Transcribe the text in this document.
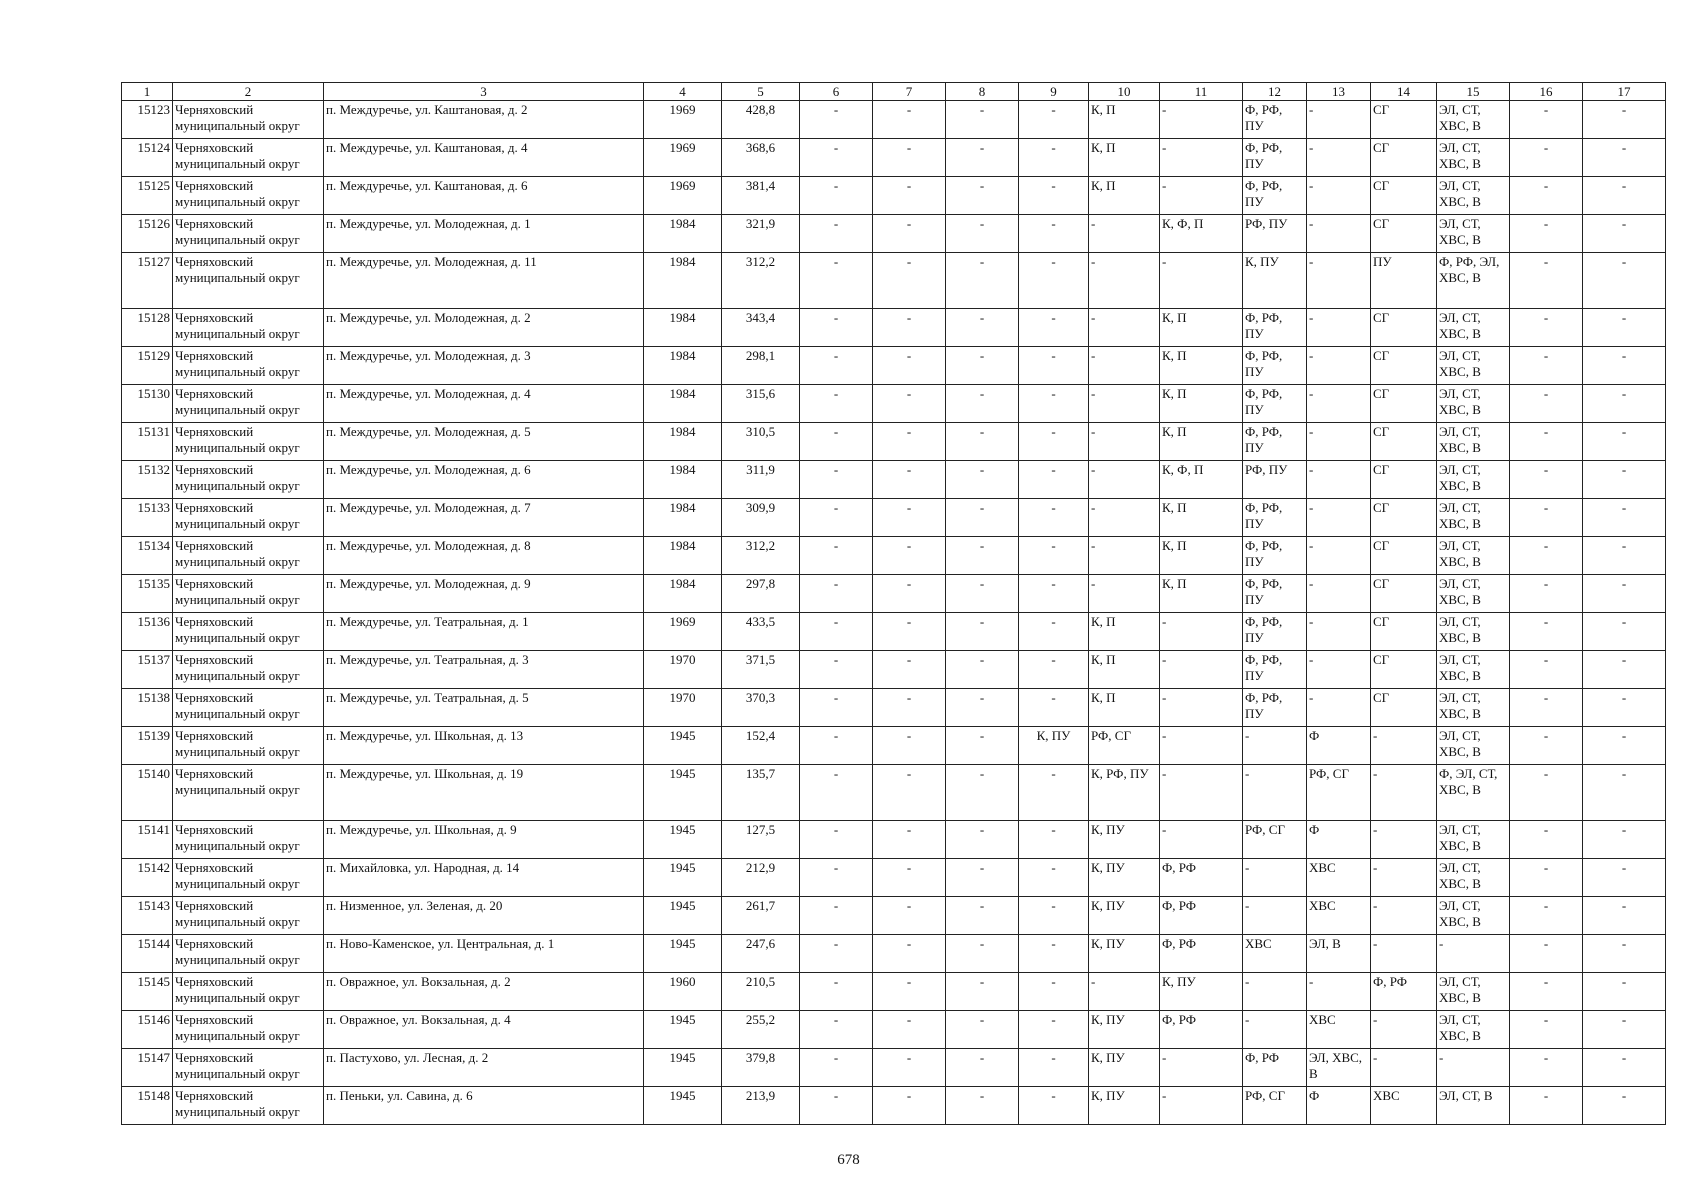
1	2	3	4	5	6	7	8	9	10	11	12	13	14	15	16	17
15123	Черняховский муниципальный округ	п. Междуречье, ул. Каштановая, д. 2	1969	428,8	-	-	-	-	К, П	-	Ф, РФ, ПУ	-	СГ	ЭЛ, СТ, ХВС, В	-	-
15124	Черняховский муниципальный округ	п. Междуречье, ул. Каштановая, д. 4	1969	368,6	-	-	-	-	К, П	-	Ф, РФ, ПУ	-	СГ	ЭЛ, СТ, ХВС, В	-	-
15125	Черняховский муниципальный округ	п. Междуречье, ул. Каштановая, д. 6	1969	381,4	-	-	-	-	К, П	-	Ф, РФ, ПУ	-	СГ	ЭЛ, СТ, ХВС, В	-	-
15126	Черняховский муниципальный округ	п. Междуречье, ул. Молодежная, д. 1	1984	321,9	-	-	-	-	-	К, Ф, П	РФ, ПУ	-	СГ	ЭЛ, СТ, ХВС, В	-	-
15127	Черняховский муниципальный округ	п. Междуречье, ул. Молодежная, д. 11	1984	312,2	-	-	-	-	-	-	К, ПУ	-	ПУ	Ф, РФ, ЭЛ, ХВС, В	-	-
15128	Черняховский муниципальный округ	п. Междуречье, ул. Молодежная, д. 2	1984	343,4	-	-	-	-	-	К, П	Ф, РФ, ПУ	-	СГ	ЭЛ, СТ, ХВС, В	-	-
15129	Черняховский муниципальный округ	п. Междуречье, ул. Молодежная, д. 3	1984	298,1	-	-	-	-	-	К, П	Ф, РФ, ПУ	-	СГ	ЭЛ, СТ, ХВС, В	-	-
15130	Черняховский муниципальный округ	п. Междуречье, ул. Молодежная, д. 4	1984	315,6	-	-	-	-	-	К, П	Ф, РФ, ПУ	-	СГ	ЭЛ, СТ, ХВС, В	-	-
15131	Черняховский муниципальный округ	п. Междуречье, ул. Молодежная, д. 5	1984	310,5	-	-	-	-	-	К, П	Ф, РФ, ПУ	-	СГ	ЭЛ, СТ, ХВС, В	-	-
15132	Черняховский муниципальный округ	п. Междуречье, ул. Молодежная, д. 6	1984	311,9	-	-	-	-	-	К, Ф, П	РФ, ПУ	-	СГ	ЭЛ, СТ, ХВС, В	-	-
15133	Черняховский муниципальный округ	п. Междуречье, ул. Молодежная, д. 7	1984	309,9	-	-	-	-	-	К, П	Ф, РФ, ПУ	-	СГ	ЭЛ, СТ, ХВС, В	-	-
15134	Черняховский муниципальный округ	п. Междуречье, ул. Молодежная, д. 8	1984	312,2	-	-	-	-	-	К, П	Ф, РФ, ПУ	-	СГ	ЭЛ, СТ, ХВС, В	-	-
15135	Черняховский муниципальный округ	п. Междуречье, ул. Молодежная, д. 9	1984	297,8	-	-	-	-	-	К, П	Ф, РФ, ПУ	-	СГ	ЭЛ, СТ, ХВС, В	-	-
15136	Черняховский муниципальный округ	п. Междуречье, ул. Театральная, д. 1	1969	433,5	-	-	-	-	К, П	-	Ф, РФ, ПУ	-	СГ	ЭЛ, СТ, ХВС, В	-	-
15137	Черняховский муниципальный округ	п. Междуречье, ул. Театральная, д. 3	1970	371,5	-	-	-	-	К, П	-	Ф, РФ, ПУ	-	СГ	ЭЛ, СТ, ХВС, В	-	-
15138	Черняховский муниципальный округ	п. Междуречье, ул. Театральная, д. 5	1970	370,3	-	-	-	-	К, П	-	Ф, РФ, ПУ	-	СГ	ЭЛ, СТ, ХВС, В	-	-
15139	Черняховский муниципальный округ	п. Междуречье, ул. Школьная, д. 13	1945	152,4	-	-	-	К, ПУ	РФ, СГ	-	-	Ф	-	ЭЛ, СТ, ХВС, В	-	-
15140	Черняховский муниципальный округ	п. Междуречье, ул. Школьная, д. 19	1945	135,7	-	-	-	-	К, РФ, ПУ	-	-	РФ, СГ	-	Ф, ЭЛ, СТ, ХВС, В	-	-
15141	Черняховский муниципальный округ	п. Междуречье, ул. Школьная, д. 9	1945	127,5	-	-	-	-	К, ПУ	-	РФ, СГ	Ф	-	ЭЛ, СТ, ХВС, В	-	-
15142	Черняховский муниципальный округ	п. Михайловка, ул. Народная, д. 14	1945	212,9	-	-	-	-	К, ПУ	Ф, РФ	-	ХВС	-	ЭЛ, СТ, ХВС, В	-	-
15143	Черняховский муниципальный округ	п. Низменное, ул. Зеленая, д. 20	1945	261,7	-	-	-	-	К, ПУ	Ф, РФ	-	ХВС	-	ЭЛ, СТ, ХВС, В	-	-
15144	Черняховский муниципальный округ	п. Ново-Каменское, ул. Центральная, д. 1	1945	247,6	-	-	-	-	К, ПУ	Ф, РФ	ХВС	ЭЛ, В	-	-	-	-
15145	Черняховский муниципальный округ	п. Овражное, ул. Вокзальная, д. 2	1960	210,5	-	-	-	-	-	К, ПУ	-	-	Ф, РФ	ЭЛ, СТ, ХВС, В	-	-
15146	Черняховский муниципальный округ	п. Овражное, ул. Вокзальная, д. 4	1945	255,2	-	-	-	-	К, ПУ	Ф, РФ	-	ХВС	-	ЭЛ, СТ, ХВС, В	-	-
15147	Черняховский муниципальный округ	п. Пастухово, ул. Лесная, д. 2	1945	379,8	-	-	-	-	К, ПУ	-	Ф, РФ	ЭЛ, ХВС, В	-	-	-	-
15148	Черняховский муниципальный округ	п. Пеньки, ул. Савина, д. 6	1945	213,9	-	-	-	-	К, ПУ	-	РФ, СГ	Ф	ХВС	ЭЛ, СТ, В	-	-
678
